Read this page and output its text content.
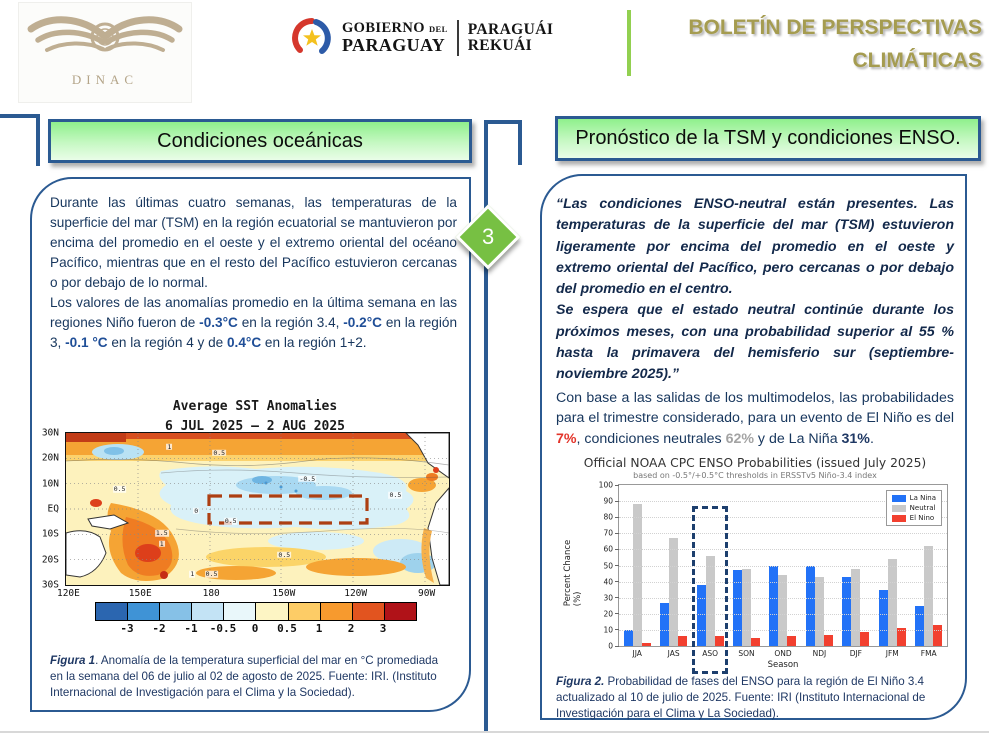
DINAC
GOBIERNO DEL
PARAGUAY
PARAGUÁI
REKUÁI
BOLETÍN DE PERSPECTIVAS CLIMÁTICAS
3
Condiciones oceánicas	Pronóstico de la TSM y condiciones ENSO.
Durante las últimas cuatro semanas, las temperaturas de la superficie del mar (TSM) en la región ecuatorial se mantuvieron por encima del promedio en el oeste y el extremo oriental del océano Pacífico, mientras que en el resto del Pacífico estuvieron cercanas o por debajo de lo normal.
Los valores de las anomalías promedio en la última semana en las regiones Niño fueron de -0.3°C en la región 3.4, -0.2°C en la región 3, -0.1 °C en la región 4 y de 0.4°C en la región 1+2.
Average SST Anomalies
6 JUL 2025 – 2 AUG 2025
1
0.5
-0.5
0.5
0
0.5
1.5
1
0.5
0.5
1 0.5
30N
20N
10N
EQ
10S
20S
30S
120E	150E	180	150W	120W	90W
-3 -2 -1 -0.5 0 0.5 1 2 3
Figura 1. Anomalía de la temperatura superficial del mar en °C promediada en la semana del 06 de julio al 02 de agosto de 2025. Fuente: IRI. (Instituto Internacional de Investigación para el Clima y la Sociedad).
“Las condiciones ENSO-neutral están presentes. Las temperaturas de la superficie del mar (TSM) estuvieron ligeramente por encima del promedio en el oeste y extremo oriental del Pacífico, pero cercanas o por debajo del promedio en el centro.
Se espera que el estado neutral continúe durante los próximos meses, con una probabilidad superior al 55 % hasta la primavera del hemisferio sur (septiembre-noviembre 2025).”
Con base a las salidas de los multimodelos, las probabilidades para el trimestre considerado, para un evento de El Niño es del 7%, condiciones neutrales 62% y de La Niña 31%.
Official NOAA CPC ENSO Probabilities (issued July 2025)
based on -0.5°/+0.5°C thresholds in ERSSTv5 Niño-3.4 index
Percent Chance (%)
JJA	JAS	ASO	SON	OND	NDJ	DJF	JFM	FMA
La Nina
Neutral
El Nino
0
10
20
30
40
50
60
70
80
90
100
Season
Figura 2. Probabilidad de fases del ENSO para la región de El Niño 3.4 actualizado al 10 de julio de 2025. Fuente: IRI (Instituto Internacional de Investigación para el Clima y La Sociedad).
